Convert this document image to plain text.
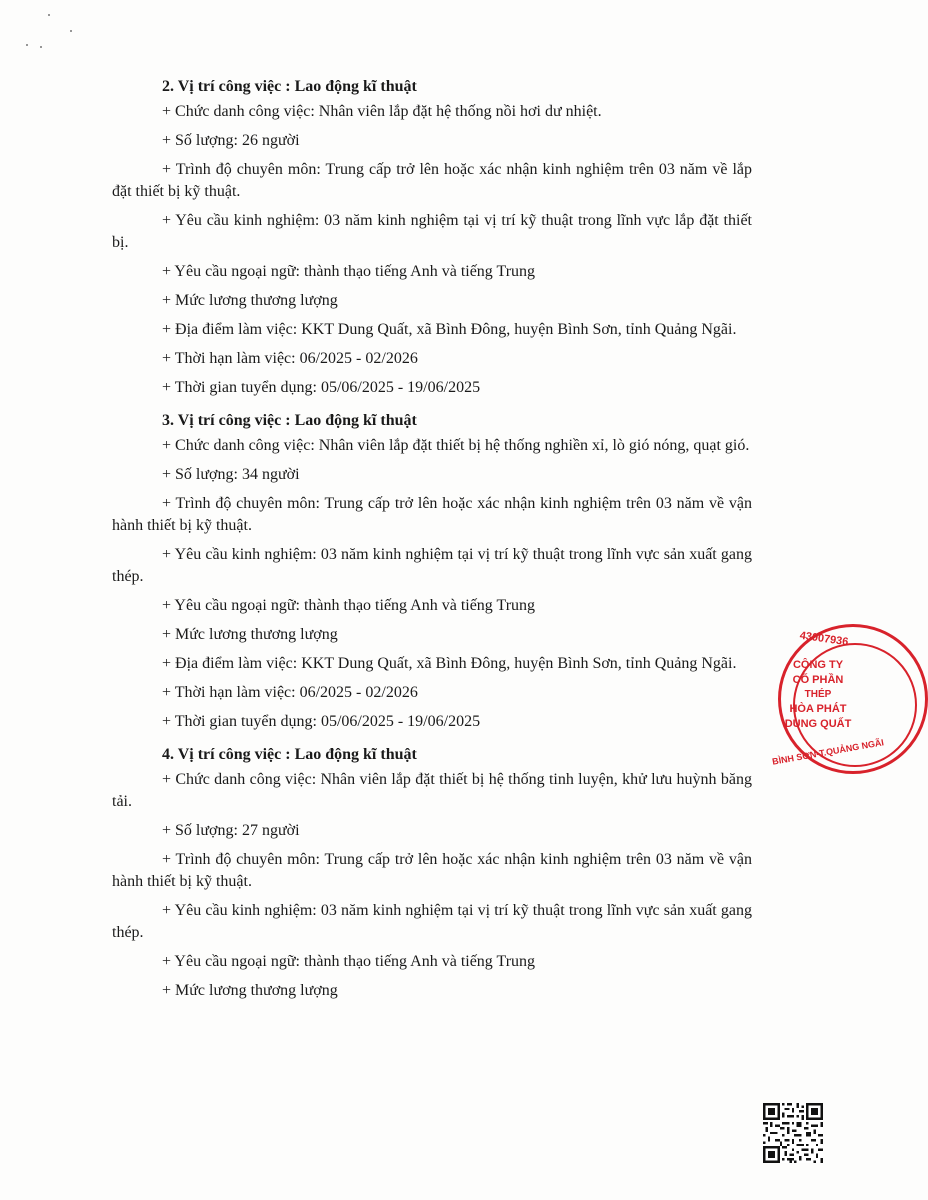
2. Vị trí công việc : Lao động kĩ thuật

+ Chức danh công việc: Nhân viên lắp đặt hệ thống nồi hơi dư nhiệt.

+ Số lượng: 26 người

+ Trình độ chuyên môn: Trung cấp trở lên hoặc xác nhận kinh nghiệm trên 03 năm về lắp đặt thiết bị kỹ thuật.

+ Yêu cầu kinh nghiệm: 03 năm kinh nghiệm tại vị trí kỹ thuật trong lĩnh vực lắp đặt thiết bị.

+ Yêu cầu ngoại ngữ: thành thạo tiếng Anh và tiếng Trung

+ Mức lương thương lượng

+ Địa điểm làm việc: KKT Dung Quất, xã Bình Đông, huyện Bình Sơn, tỉnh Quảng Ngãi.

+ Thời hạn làm việc: 06/2025 - 02/2026

+ Thời gian tuyển dụng: 05/06/2025 - 19/06/2025

3. Vị trí công việc : Lao động kĩ thuật

+ Chức danh công việc: Nhân viên lắp đặt thiết bị hệ thống nghiền xỉ, lò gió nóng, quạt gió.

+ Số lượng: 34 người

+ Trình độ chuyên môn: Trung cấp trở lên hoặc xác nhận kinh nghiệm trên 03 năm về vận hành thiết bị kỹ thuật.

+ Yêu cầu kinh nghiệm: 03 năm kinh nghiệm tại vị trí kỹ thuật trong lĩnh vực sản xuất gang thép.

+ Yêu cầu ngoại ngữ: thành thạo tiếng Anh và tiếng Trung

+ Mức lương thương lượng

+ Địa điểm làm việc: KKT Dung Quất, xã Bình Đông, huyện Bình Sơn, tỉnh Quảng Ngãi.

+ Thời hạn làm việc: 06/2025 - 02/2026

+ Thời gian tuyển dụng: 05/06/2025 - 19/06/2025

4. Vị trí công việc : Lao động kĩ thuật

+ Chức danh công việc: Nhân viên lắp đặt thiết bị hệ thống tinh luyện, khử lưu huỳnh băng tải.

+ Số lượng: 27 người

+ Trình độ chuyên môn: Trung cấp trở lên hoặc xác nhận kinh nghiệm trên 03 năm về vận hành thiết bị kỹ thuật.

+ Yêu cầu kinh nghiệm: 03 năm kinh nghiệm tại vị trí kỹ thuật trong lĩnh vực sản xuất gang thép.

+ Yêu cầu ngoại ngữ: thành thạo tiếng Anh và tiếng Trung

+ Mức lương thương lượng

43007936
CÔNG TY
CỔ PHẦN
THÉP
HÒA PHÁT
DUNG QUẤT
BÌNH SƠN-T.QUẢNG NGÃI
